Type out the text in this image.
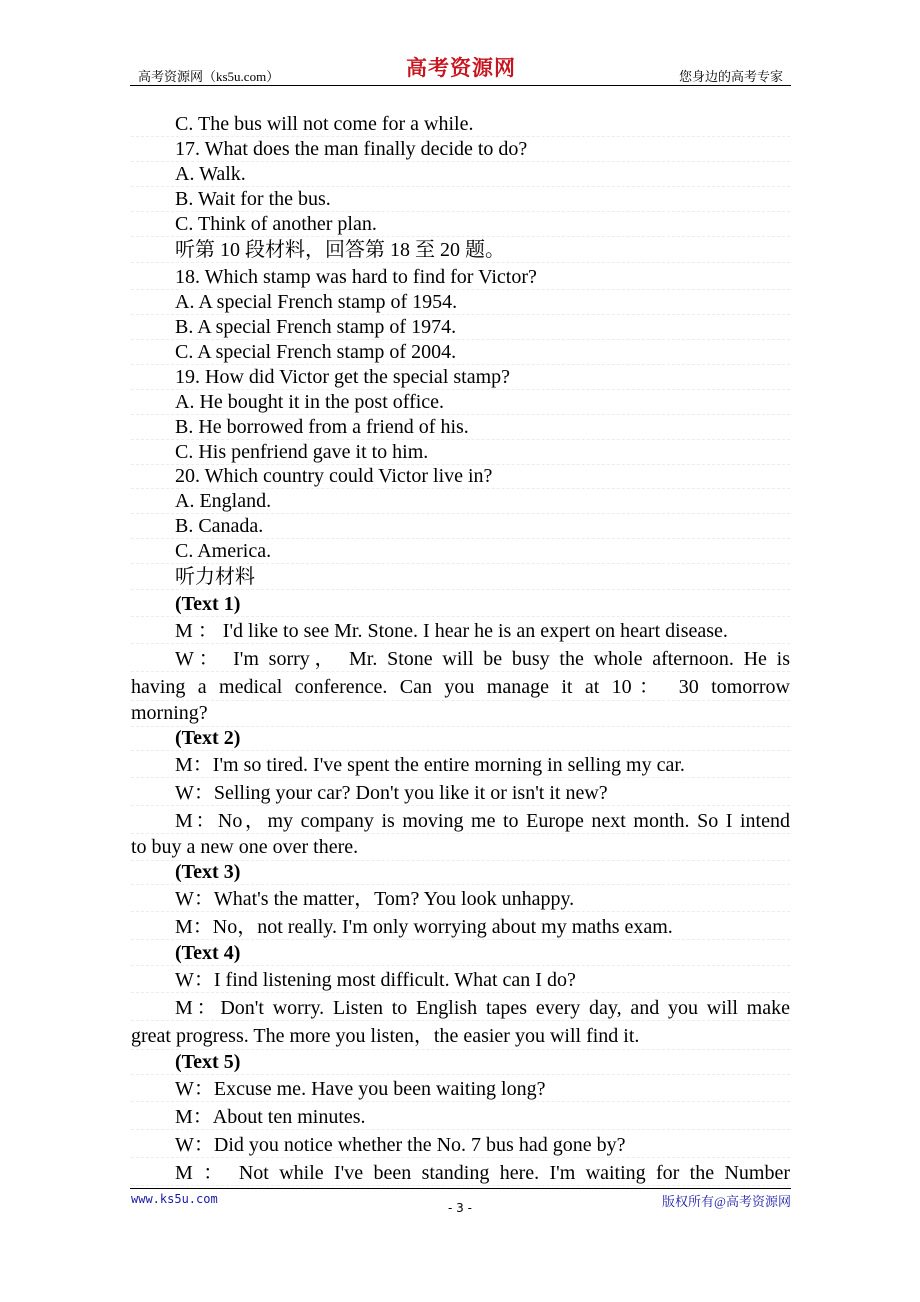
高考资源网（ks5u.com）	高考资源网	您身边的高考专家
C. The bus will not come for a while.
17. What does the man finally decide to do?
A. Walk.
B. Wait for the bus.
C. Think of another plan.
听第 10 段材料，回答第 18 至 20 题。
18. Which stamp was hard to find for Victor?
A. A special French stamp of 1954.
B. A special French stamp of 1974.
C. A special French stamp of 2004.
19. How did Victor get the special stamp?
A. He bought it in the post office.
B. He borrowed from a friend of his.
C. His penfriend gave it to him.
20. Which country could Victor live in?
A. England.
B. Canada.
C. America.
听力材料
(Text 1)
M ： I'd like to see Mr. Stone. I hear he is an expert on heart disease.
W： I'm sorry， Mr. Stone will be busy the whole afternoon. He is
having a medical conference. Can you manage it at 10： 30 tomorrow
morning?
(Text 2)
M：I'm so tired. I've spent the entire morning in selling my car.
W：Selling your car? Don't you like it or isn't it new?
M：No，my company is moving me to Europe next month. So I intend
to buy a new one over there.
(Text 3)
W：What's the matter，Tom? You look unhappy.
M：No，not really. I'm only worrying about my maths exam.
(Text 4)
W：I find listening most difficult. What can I do?
M：Don't worry. Listen to English tapes every day, and you will make
great progress. The more you listen，the easier you will find it.
(Text 5)
W：Excuse me. Have you been waiting long?
M：About ten minutes.
W：Did you notice whether the No. 7 bus had gone by?
M ： Not while I've been standing here. I'm waiting for the Number
www.ks5u.com
- 3 -	版权所有@高考资源网
